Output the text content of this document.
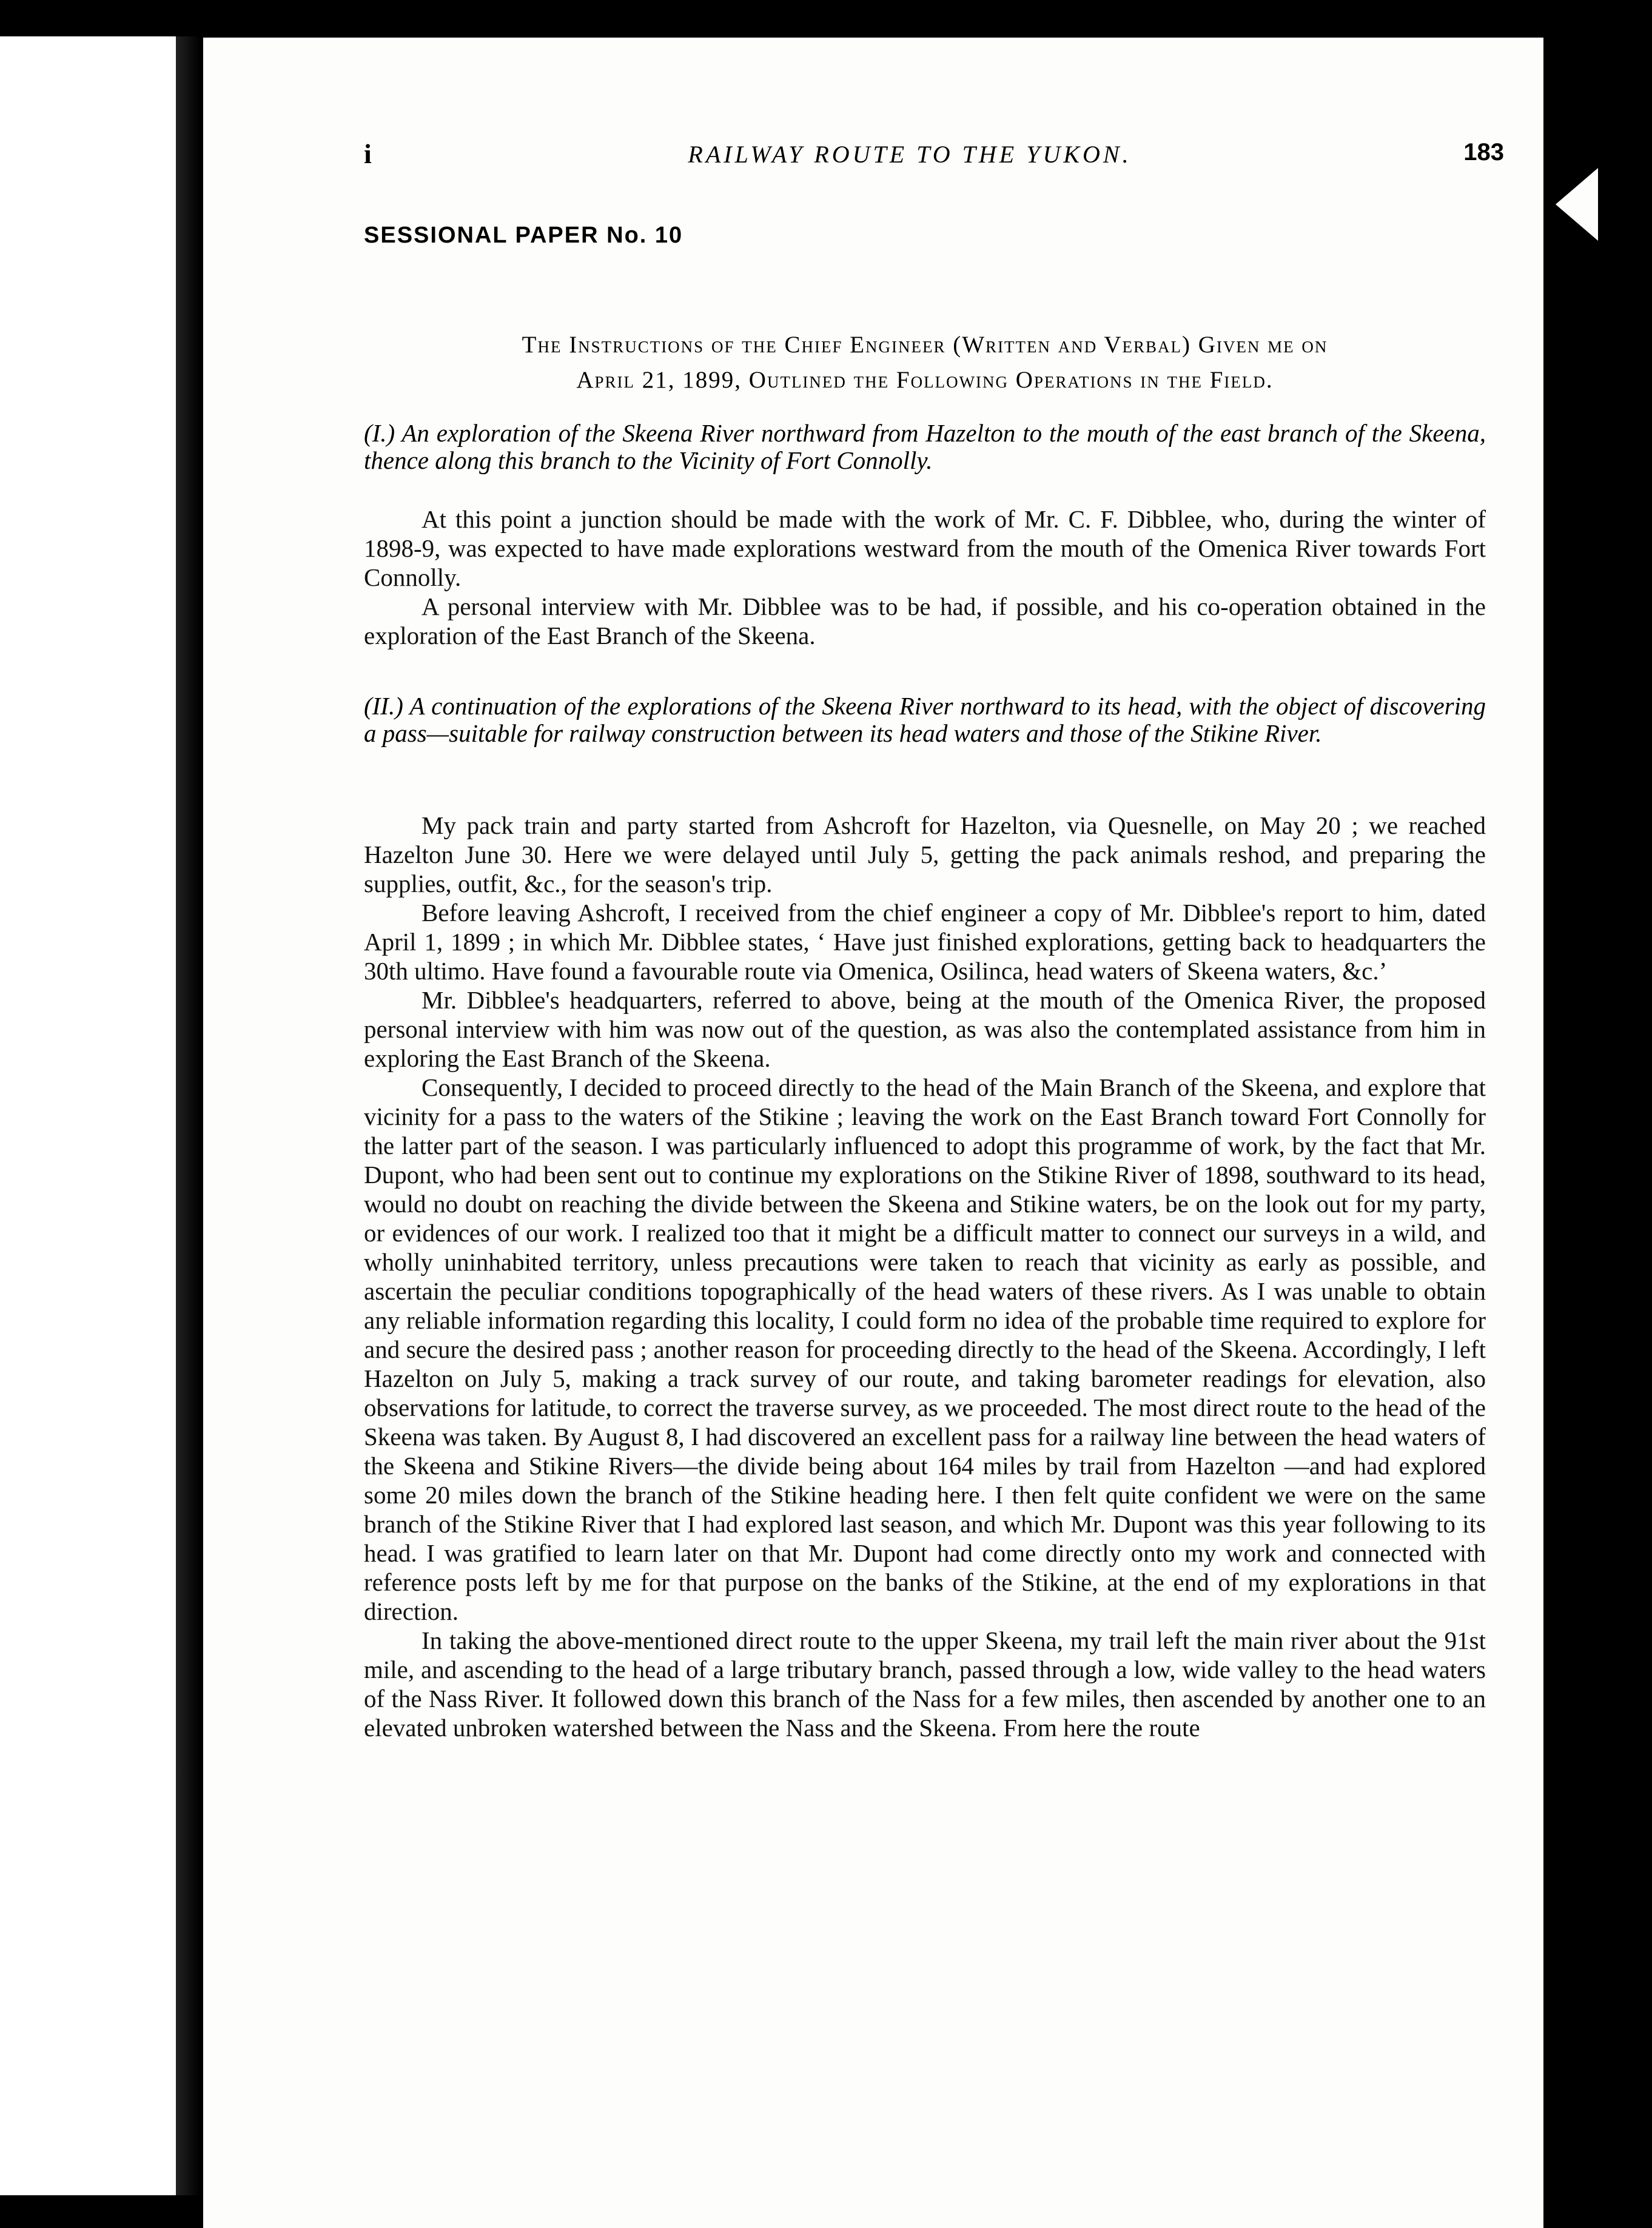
i	RAILWAY ROUTE TO THE YUKON.	183
SESSIONAL PAPER No. 10
The Instructions of the Chief Engineer (Written and Verbal) Given me on
April 21, 1899, Outlined the Following Operations in the Field.
(I.) An exploration of the Skeena River northward from Hazelton to the mouth of the east branch of the Skeena, thence along this branch to the Vicinity of Fort Connolly.

At this point a junction should be made with the work of Mr. C. F. Dibblee, who, during the winter of 1898-9, was expected to have made explorations westward from the mouth of the Omenica River towards Fort Connolly.

A personal interview with Mr. Dibblee was to be had, if possible, and his co-operation obtained in the exploration of the East Branch of the Skeena.

(II.) A continuation of the explorations of the Skeena River northward to its head, with the object of discovering a pass—suitable for railway construction between its head waters and those of the Stikine River.

My pack train and party started from Ashcroft for Hazelton, via Quesnelle, on May 20 ; we reached Hazelton June 30. Here we were delayed until July 5, getting the pack animals reshod, and preparing the supplies, outfit, &c., for the season's trip.

Before leaving Ashcroft, I received from the chief engineer a copy of Mr. Dibblee's report to him, dated April 1, 1899 ; in which Mr. Dibblee states, ‘ Have just finished explorations, getting back to headquarters the 30th ultimo. Have found a favourable route via Omenica, Osilinca, head waters of Skeena waters, &c.’

Mr. Dibblee's headquarters, referred to above, being at the mouth of the Omenica River, the proposed personal interview with him was now out of the question, as was also the contemplated assistance from him in exploring the East Branch of the Skeena.

Consequently, I decided to proceed directly to the head of the Main Branch of the Skeena, and explore that vicinity for a pass to the waters of the Stikine ; leaving the work on the East Branch toward Fort Connolly for the latter part of the season. I was particularly influenced to adopt this programme of work, by the fact that Mr. Dupont, who had been sent out to continue my explorations on the Stikine River of 1898, southward to its head, would no doubt on reaching the divide between the Skeena and Stikine waters, be on the look out for my party, or evidences of our work. I realized too that it might be a difficult matter to connect our surveys in a wild, and wholly uninhabited territory, unless precautions were taken to reach that vicinity as early as possible, and ascertain the peculiar conditions topographically of the head waters of these rivers. As I was unable to obtain any reliable information regarding this locality, I could form no idea of the probable time required to explore for and secure the desired pass ; another reason for proceeding directly to the head of the Skeena. Accordingly, I left Hazelton on July 5, making a track survey of our route, and taking barometer readings for elevation, also observations for latitude, to correct the traverse survey, as we proceeded. The most direct route to the head of the Skeena was taken. By August 8, I had discovered an excellent pass for a railway line between the head waters of the Skeena and Stikine Rivers—the divide being about 164 miles by trail from Hazelton —and had explored some 20 miles down the branch of the Stikine heading here. I then felt quite confident we were on the same branch of the Stikine River that I had explored last season, and which Mr. Dupont was this year following to its head. I was gratified to learn later on that Mr. Dupont had come directly onto my work and connected with reference posts left by me for that purpose on the banks of the Stikine, at the end of my explorations in that direction.

In taking the above-mentioned direct route to the upper Skeena, my trail left the main river about the 91st mile, and ascending to the head of a large tributary branch, passed through a low, wide valley to the head waters of the Nass River. It followed down this branch of the Nass for a few miles, then ascended by another one to an elevated unbroken watershed between the Nass and the Skeena. From here the route
